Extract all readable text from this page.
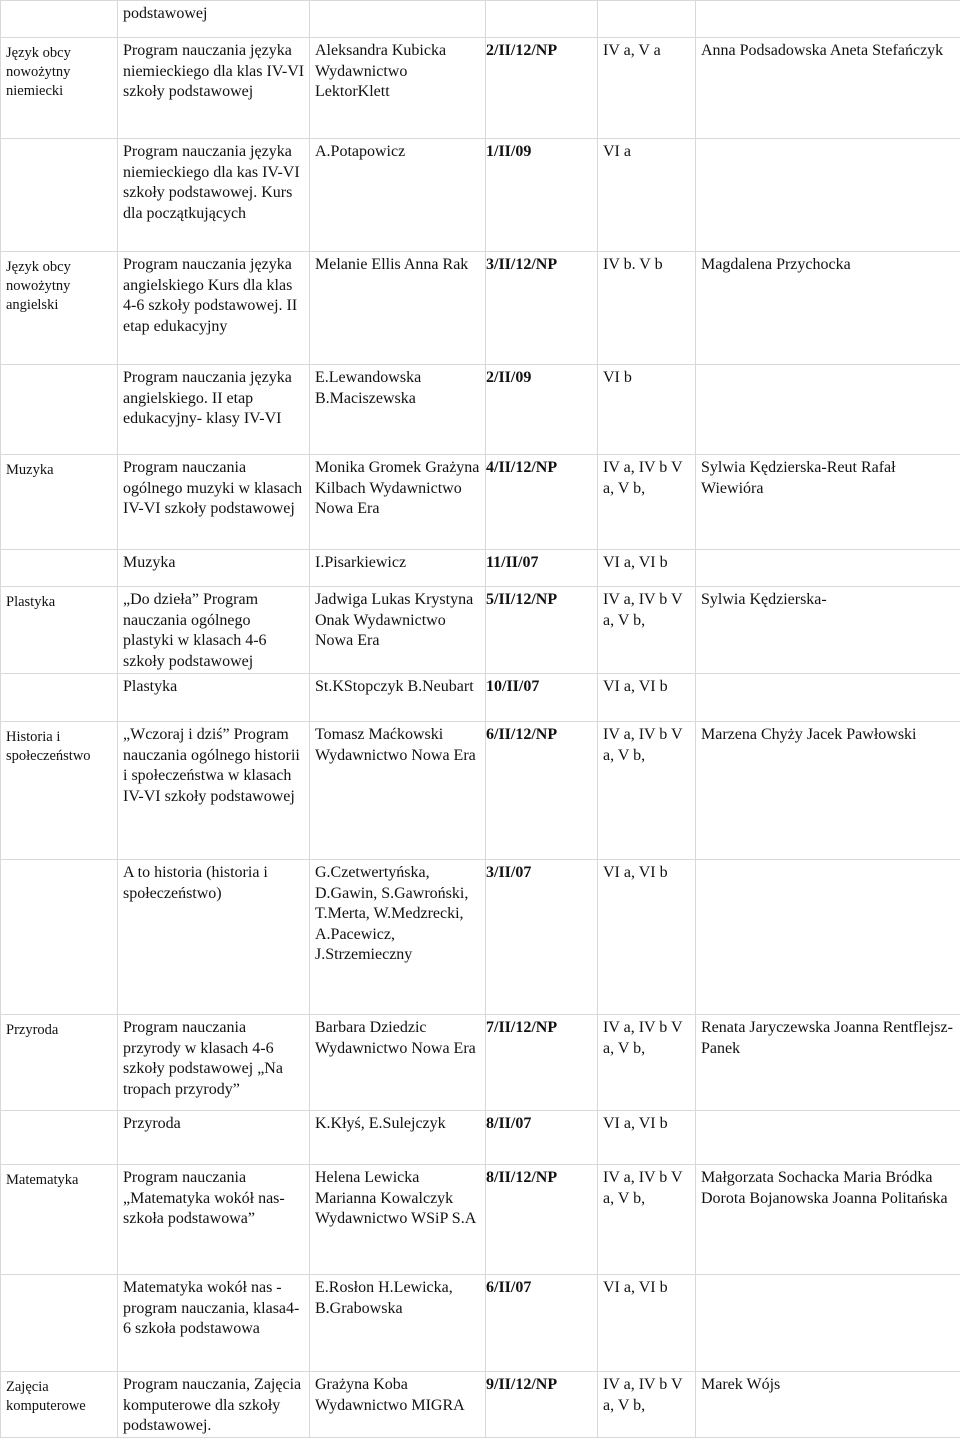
	podstawowej				
Język obcy nowożytny niemiecki	Program nauczania języka niemieckiego dla klas IV-VI szkoły podstawowej	Aleksandra Kubicka Wydawnictwo LektorKlett	2/II/12/NP	IV a, V a	Anna Podsadowska Aneta Stefańczyk
	Program nauczania języka niemieckiego dla kas IV-VI szkoły podstawowej. Kurs dla początkujących	A.Potapowicz	1/II/09	VI a	
Język obcy nowożytny angielski	Program nauczania języka angielskiego Kurs dla klas 4-6 szkoły podstawowej. II etap edukacyjny	Melanie Ellis Anna Rak	3/II/12/NP	IV b. V b	Magdalena Przychocka
	Program nauczania języka angielskiego. II etap edukacyjny- klasy IV-VI	E.Lewandowska B.Maciszewska	2/II/09	VI b	
Muzyka	Program nauczania ogólnego muzyki w klasach IV-VI szkoły podstawowej	Monika Gromek Grażyna Kilbach Wydawnictwo Nowa Era	4/II/12/NP	IV a, IV b V a, V b,	Sylwia Kędzierska-Reut Rafał Wiewióra
	Muzyka	I.Pisarkiewicz	11/II/07	VI a, VI b	
Plastyka	„Do dzieła” Program nauczania ogólnego plastyki w klasach 4-6 szkoły podstawowej	Jadwiga Lukas Krystyna Onak Wydawnictwo Nowa Era	5/II/12/NP	IV a, IV b V a, V b,	Sylwia Kędzierska-
	Plastyka	St.KStopczyk B.Neubart	10/II/07	VI a, VI b	
Historia i społeczeństwo	„Wczoraj i dziś” Program nauczania ogólnego historii i społeczeństwa w klasach IV-VI szkoły podstawowej	Tomasz Maćkowski Wydawnictwo Nowa Era	6/II/12/NP	IV a, IV b V a, V b,	Marzena Chyży Jacek Pawłowski
	A to historia (historia i społeczeństwo)	G.Czetwertyńska, D.Gawin, S.Gawroński, T.Merta, W.Medzrecki, A.Pacewicz, J.Strzemieczny	3/II/07	VI a, VI b	
Przyroda	Program nauczania przyrody w klasach 4-6 szkoły podstawowej „Na tropach przyrody”	Barbara Dziedzic Wydawnictwo Nowa Era	7/II/12/NP	IV a, IV b V a, V b,	Renata Jaryczewska Joanna Rentflejsz-Panek
	Przyroda	K.Kłyś, E.Sulejczyk	8/II/07	VI a, VI b	
Matematyka	Program nauczania „Matematyka wokół nas- szkoła podstawowa”	Helena Lewicka Marianna Kowalczyk Wydawnictwo WSiP S.A	8/II/12/NP	IV a, IV b V a, V b,	Małgorzata Sochacka Maria Bródka Dorota Bojanowska Joanna Politańska
	Matematyka wokół nas - program nauczania, klasa4-6 szkoła podstawowa	E.Rosłon H.Lewicka, B.Grabowska	6/II/07	VI a, VI b	
Zajęcia komputerowe	Program nauczania, Zajęcia komputerowe dla szkoły podstawowej.	Grażyna Koba Wydawnictwo MIGRA	9/II/12/NP	IV a, IV b V a, V b,	Marek Wójs
